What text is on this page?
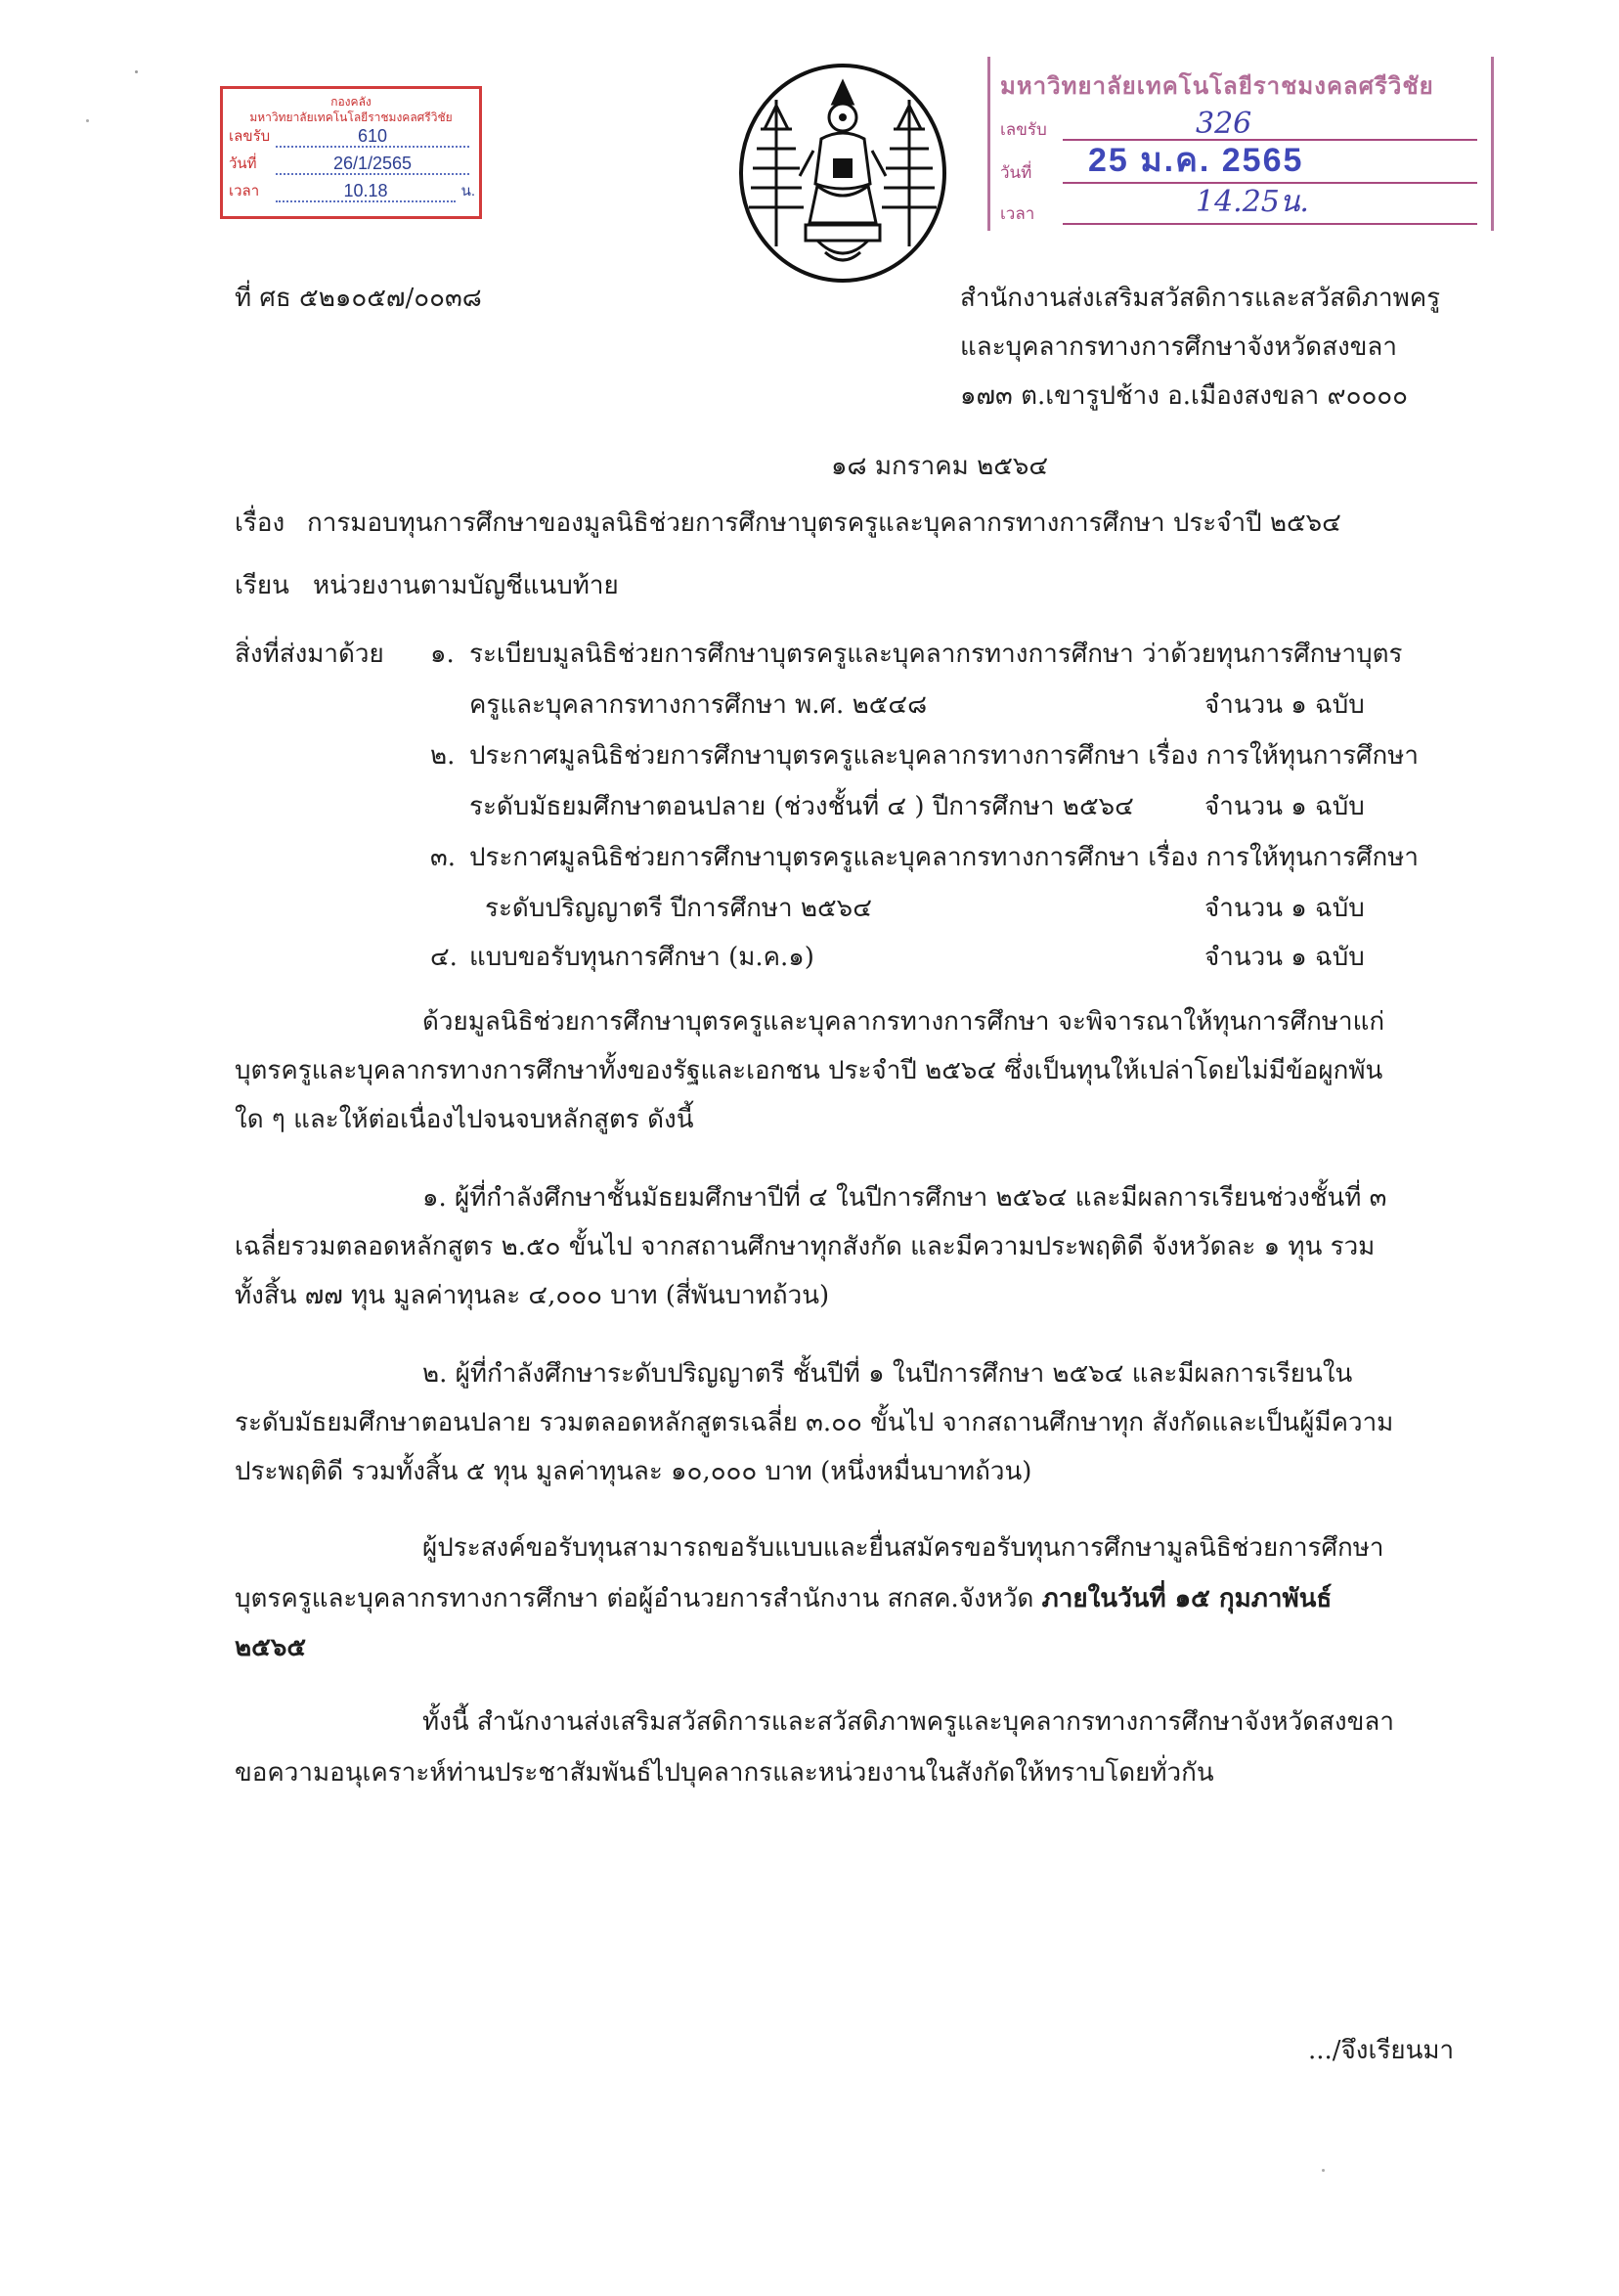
กองคลัง
มหาวิทยาลัยเทคโนโลยีราชมงคลศรีวิชัย
เลขรับ	610
วันที่	26/1/2565
เวลา	10.18	น.
มหาวิทยาลัยเทคโนโลยีราชมงคลศรีวิชัย
เลขรับ	326
วันที่ 25 ม.ค. 2565
เวลา	14.25น.
ที่ ศธ ๕๒๑๐๕๗/๐๐๓๘	สำนักงานส่งเสริมสวัสดิการและสวัสดิภาพครู
และบุคลากรทางการศึกษาจังหวัดสงขลา
๑๗๓ ต.เขารูปช้าง อ.เมืองสงขลา ๙๐๐๐๐
๑๘ มกราคม ๒๕๖๔
เรื่อง การมอบทุนการศึกษาของมูลนิธิช่วยการศึกษาบุตรครูและบุคลากรทางการศึกษา ประจำปี ๒๕๖๔
เรียน หน่วยงานตามบัญชีแนบท้าย
สิ่งที่ส่งมาด้วย ๑. ระเบียบมูลนิธิช่วยการศึกษาบุตรครูและบุคลากรทางการศึกษา ว่าด้วยทุนการศึกษาบุตร
ครูและบุคลากรทางการศึกษา พ.ศ. ๒๕๔๘	จำนวน ๑ ฉบับ
๒. ประกาศมูลนิธิช่วยการศึกษาบุตรครูและบุคลากรทางการศึกษา เรื่อง การให้ทุนการศึกษา
ระดับมัธยมศึกษาตอนปลาย (ช่วงชั้นที่ ๔ ) ปีการศึกษา ๒๕๖๔	จำนวน ๑ ฉบับ
๓. ประกาศมูลนิธิช่วยการศึกษาบุตรครูและบุคลากรทางการศึกษา เรื่อง การให้ทุนการศึกษา
ระดับปริญญาตรี ปีการศึกษา ๒๕๖๔	จำนวน ๑ ฉบับ
๔. แบบขอรับทุนการศึกษา (ม.ค.๑)	จำนวน ๑ ฉบับ
ด้วยมูลนิธิช่วยการศึกษาบุตรครูและบุคลากรทางการศึกษา จะพิจารณาให้ทุนการศึกษาแก่
บุตรครูและบุคลากรทางการศึกษาทั้งของรัฐและเอกชน ประจำปี ๒๕๖๔ ซึ่งเป็นทุนให้เปล่าโดยไม่มีข้อผูกพัน
ใด ๆ และให้ต่อเนื่องไปจนจบหลักสูตร ดังนี้
๑. ผู้ที่กำลังศึกษาชั้นมัธยมศึกษาปีที่ ๔ ในปีการศึกษา ๒๕๖๔ และมีผลการเรียนช่วงชั้นที่ ๓
เฉลี่ยรวมตลอดหลักสูตร ๒.๕๐ ขั้นไป จากสถานศึกษาทุกสังกัด และมีความประพฤติดี จังหวัดละ ๑ ทุน รวม
ทั้งสิ้น ๗๗ ทุน มูลค่าทุนละ ๔,๐๐๐ บาท (สี่พันบาทถ้วน)
๒. ผู้ที่กำลังศึกษาระดับปริญญาตรี ชั้นปีที่ ๑ ในปีการศึกษา ๒๕๖๔ และมีผลการเรียนใน
ระดับมัธยมศึกษาตอนปลาย รวมตลอดหลักสูตรเฉลี่ย ๓.๐๐ ขั้นไป จากสถานศึกษาทุก สังกัดและเป็นผู้มีความ
ประพฤติดี รวมทั้งสิ้น ๕ ทุน มูลค่าทุนละ ๑๐,๐๐๐ บาท (หนึ่งหมื่นบาทถ้วน)
ผู้ประสงค์ขอรับทุนสามารถขอรับแบบและยื่นสมัครขอรับทุนการศึกษามูลนิธิช่วยการศึกษา
บุตรครูและบุคลากรทางการศึกษา ต่อผู้อำนวยการสำนักงาน สกสค.จังหวัด ภายในวันที่ ๑๕ กุมภาพันธ์
๒๕๖๕
ทั้งนี้ สำนักงานส่งเสริมสวัสดิการและสวัสดิภาพครูและบุคลากรทางการศึกษาจังหวัดสงขลา
ขอความอนุเคราะห์ท่านประชาสัมพันธ์ไปบุคลากรและหน่วยงานในสังกัดให้ทราบโดยทั่วกัน
.../จึงเรียนมา
